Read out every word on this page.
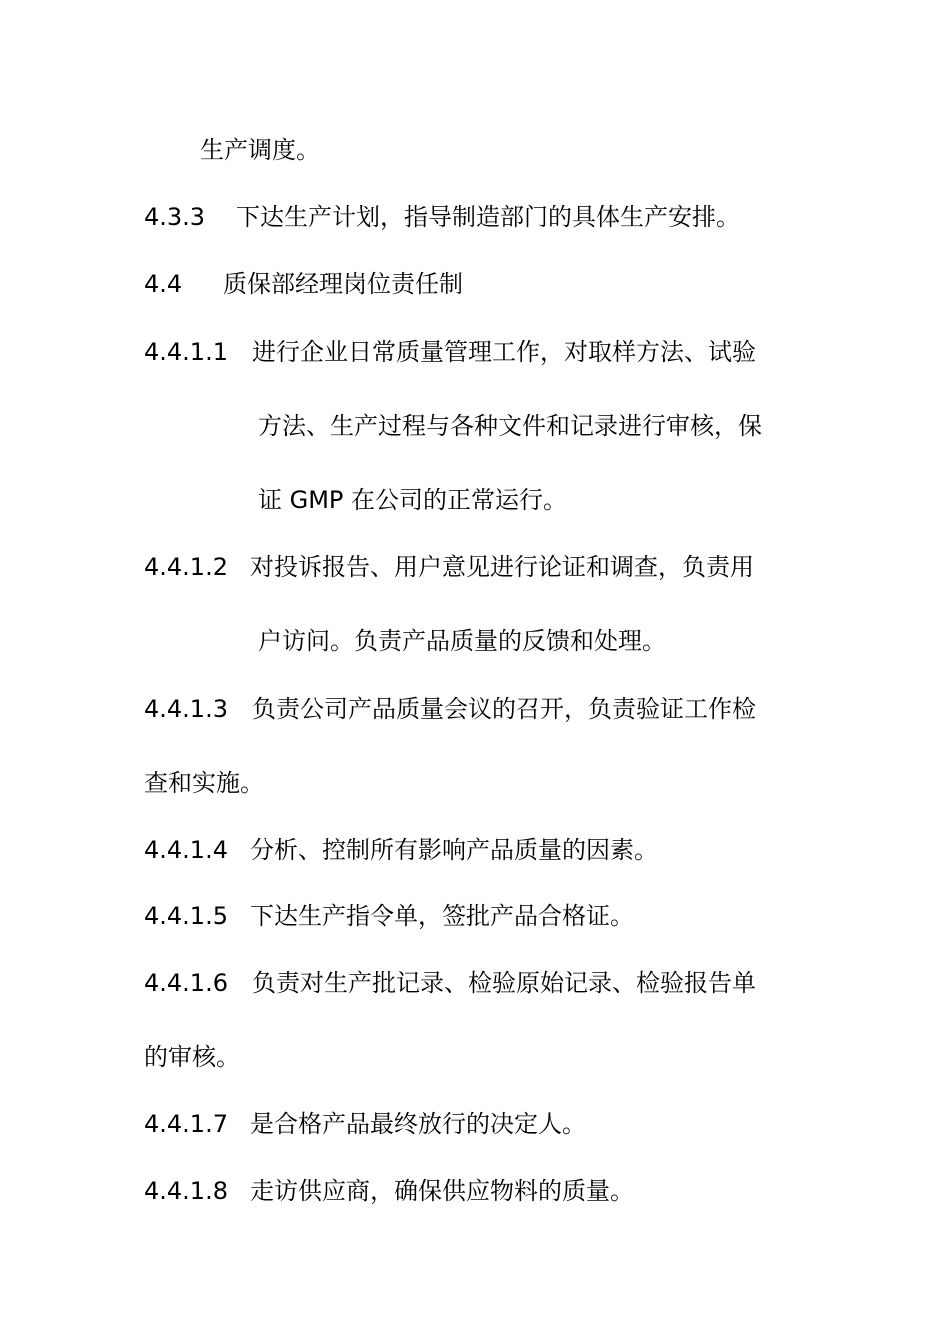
生产调度。
4.3.3 下达生产计划，指导制造部门的具体生产安排。
4.4 质保部经理岗位责任制
4.4.1.1 进行企业日常质量管理工作，对取样方法、试验
方法、生产过程与各种文件和记录进行审核，保
证 GMP 在公司的正常运行。
4.4.1.2 对投诉报告、用户意见进行论证和调查，负责用
户访问。负责产品质量的反馈和处理。
4.4.1.3 负责公司产品质量会议的召开，负责验证工作检
查和实施。
4.4.1.4 分析、控制所有影响产品质量的因素。
4.4.1.5 下达生产指令单，签批产品合格证。
4.4.1.6 负责对生产批记录、检验原始记录、检验报告单
的审核。
4.4.1.7 是合格产品最终放行的决定人。
4.4.1.8 走访供应商，确保供应物料的质量。
